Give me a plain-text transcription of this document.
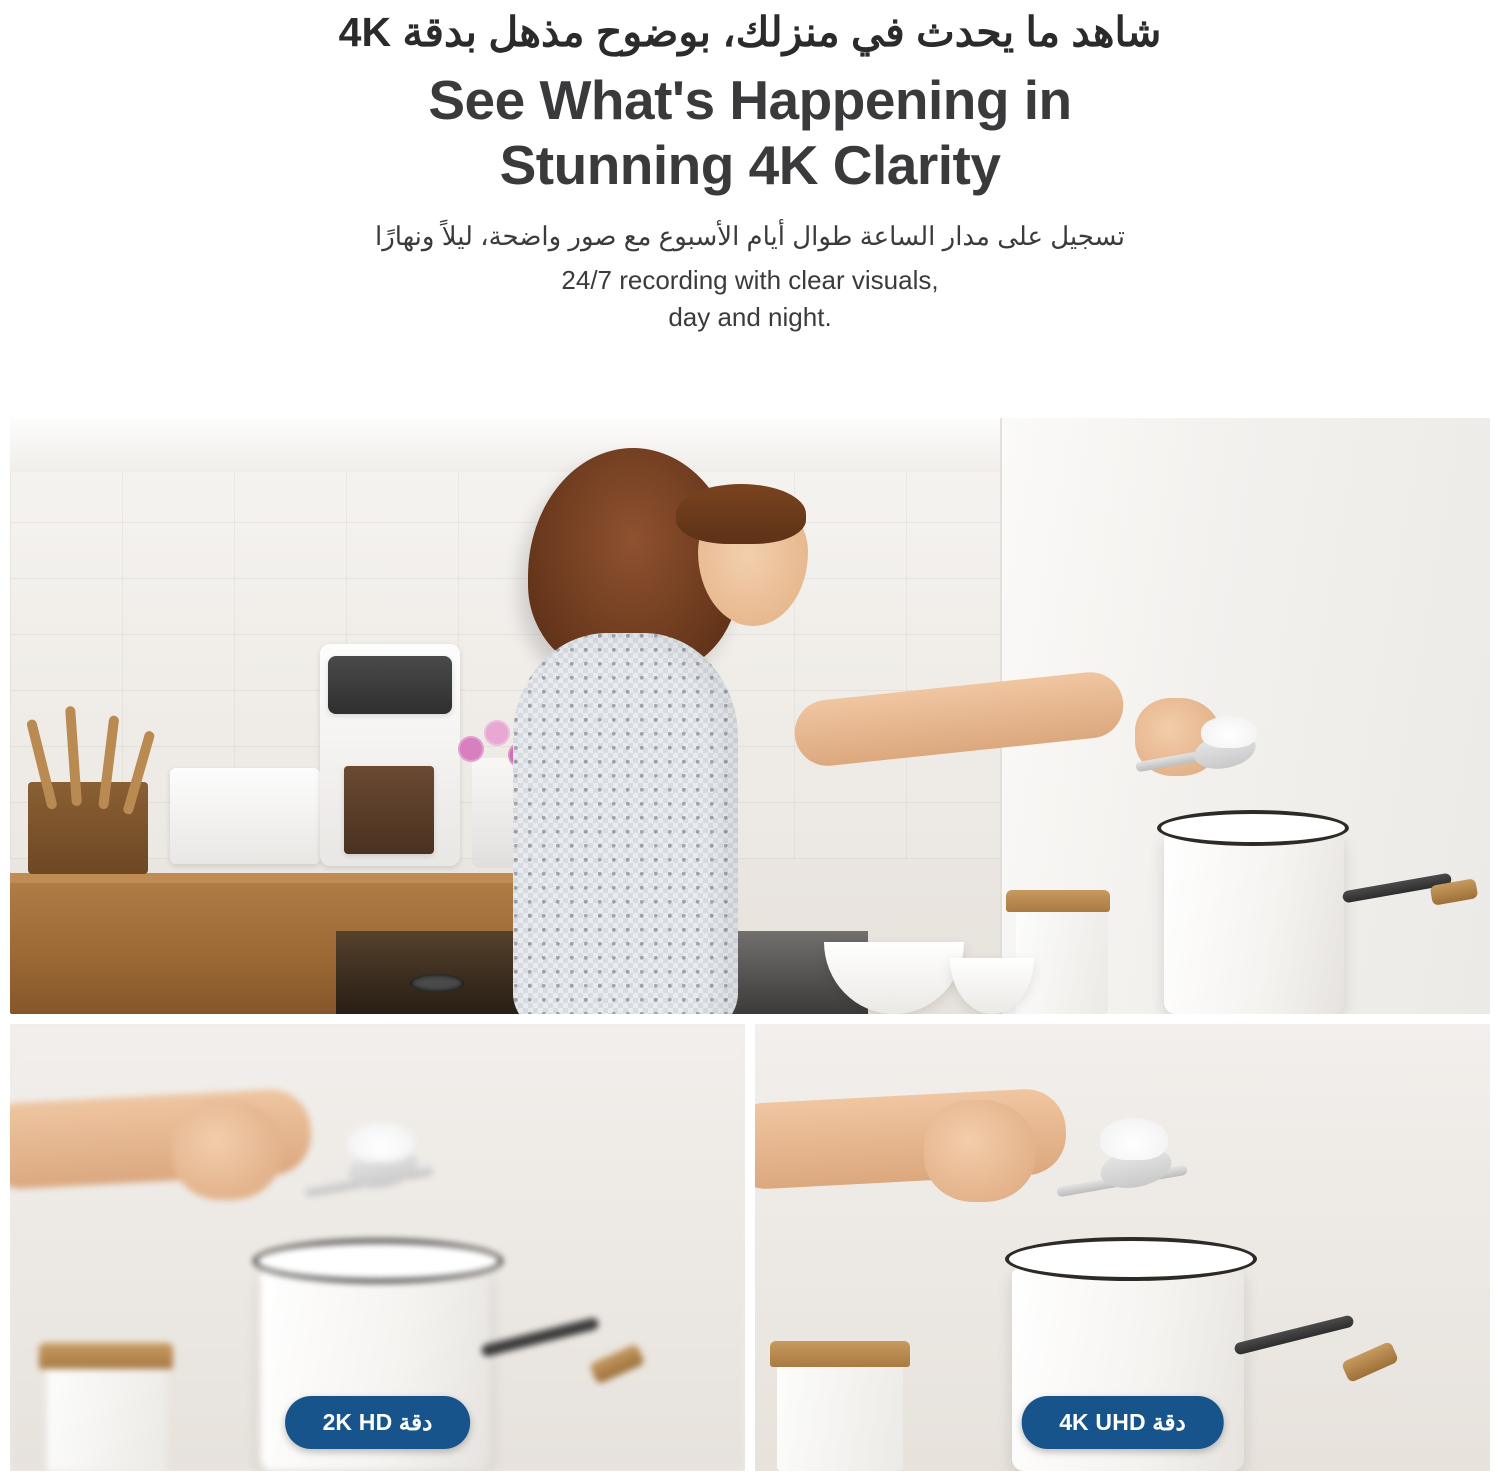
شاهد ما يحدث في منزلك، بوضوح مذهل بدقة 4K
See What's Happening in
Stunning 4K Clarity

تسجيل على مدار الساعة طوال أيام الأسبوع مع صور واضحة، ليلاً ونهارًا

24/7 recording with clear visuals,
day and night.

دقة 2K HD	دقة 4K UHD
